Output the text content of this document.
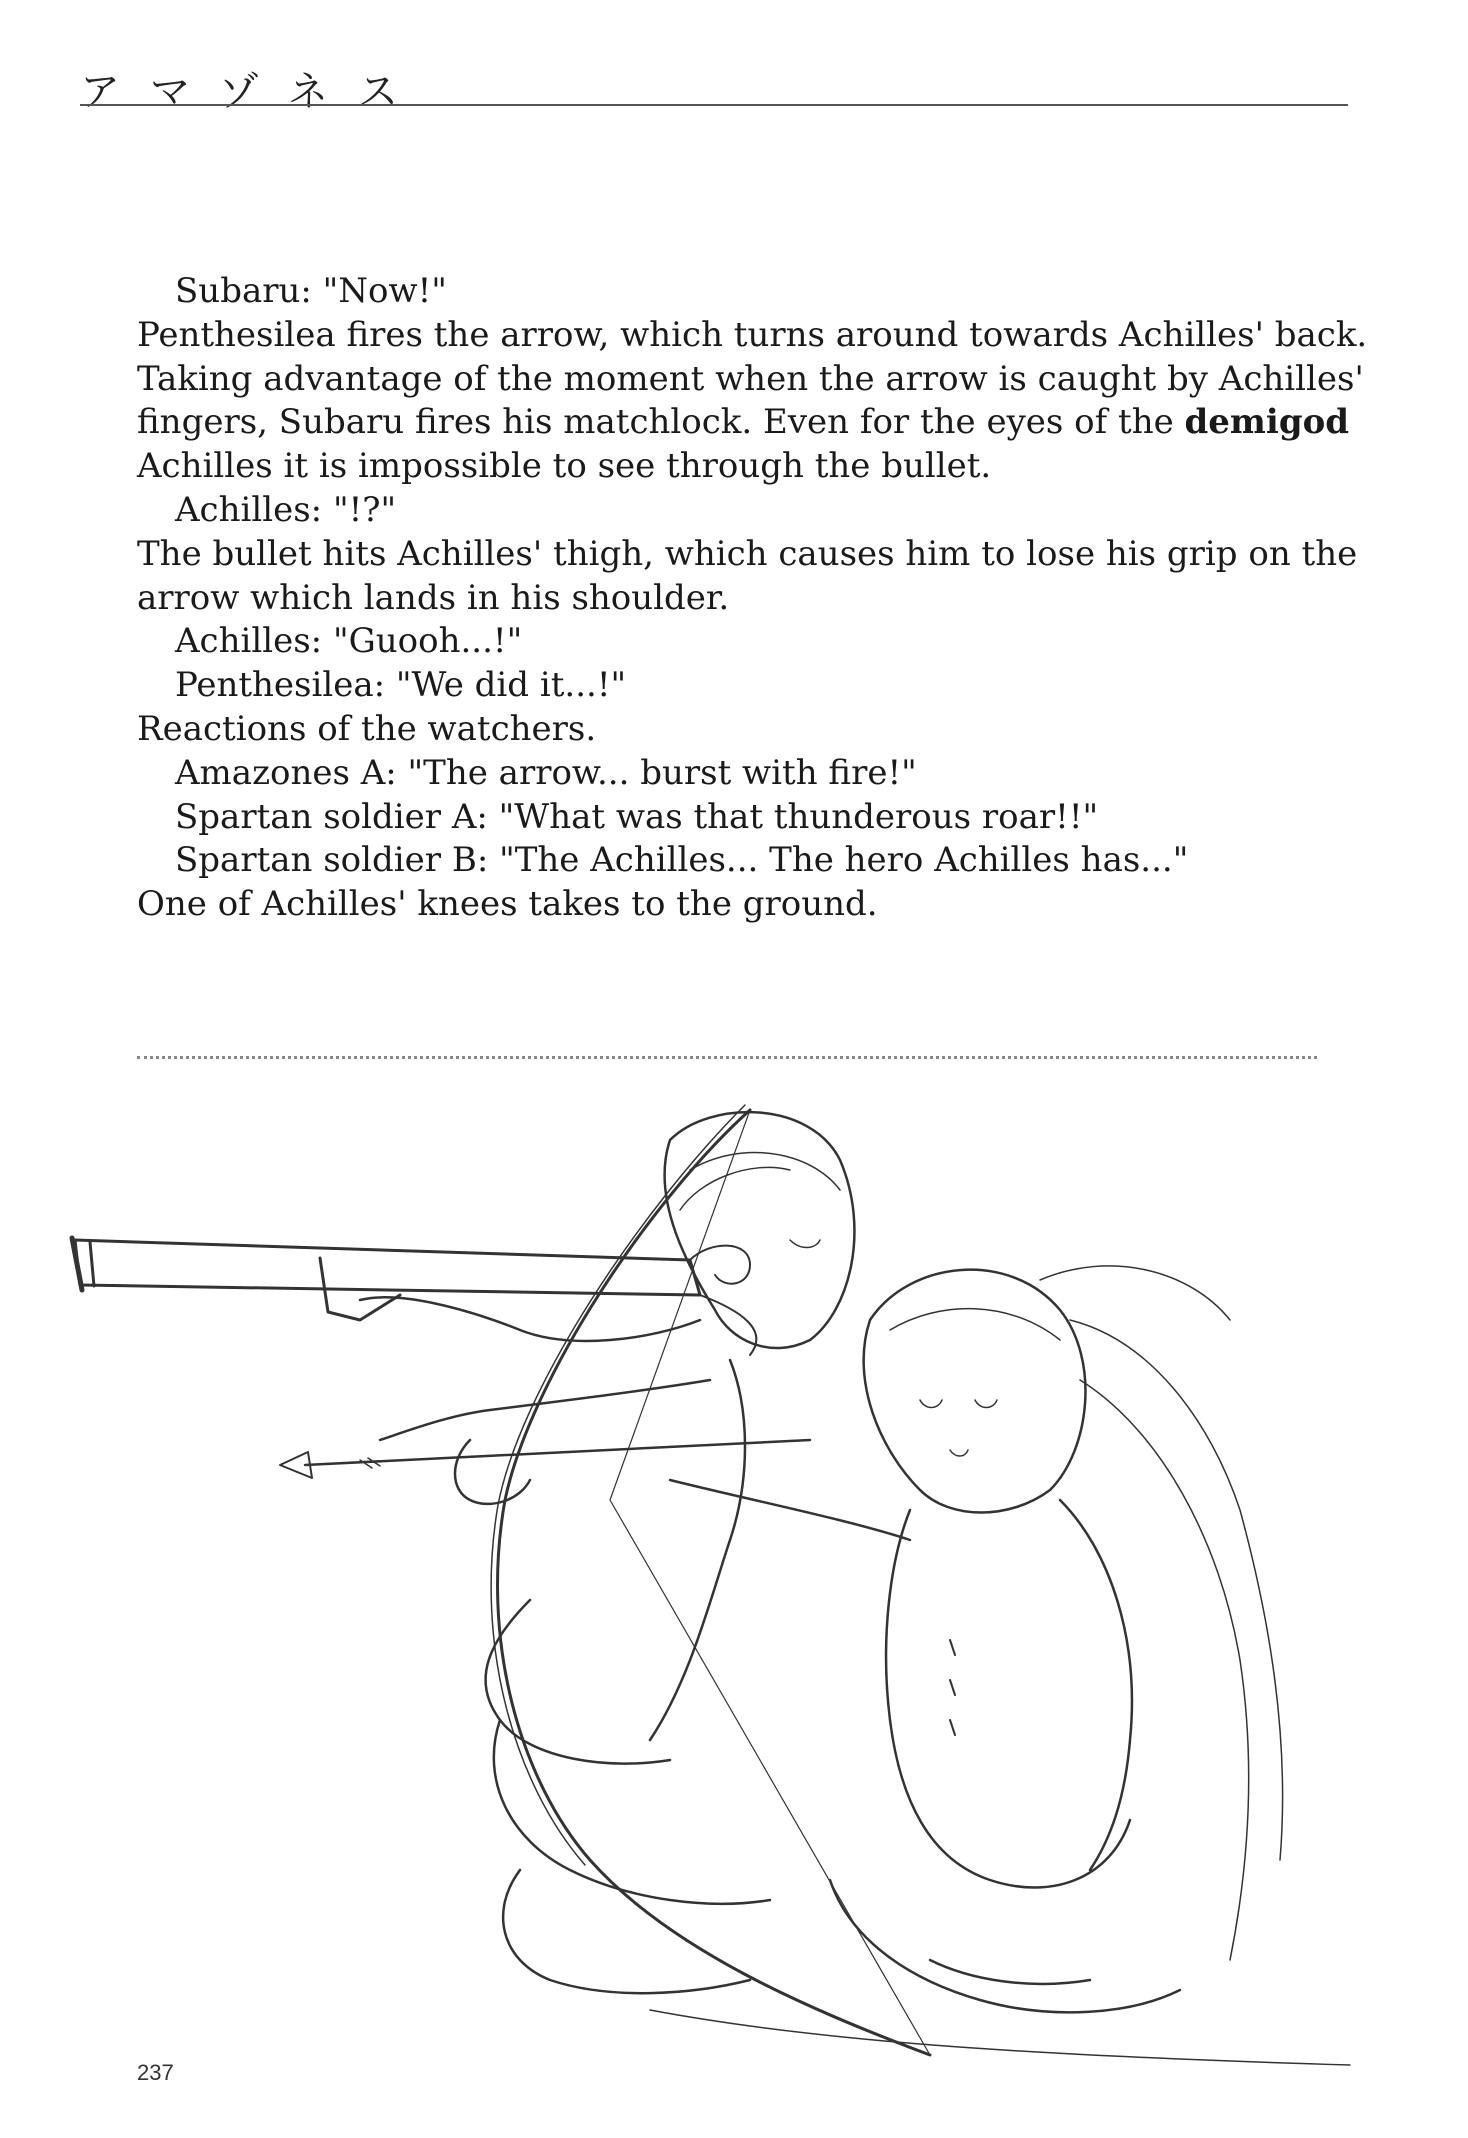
アマゾネス
Subaru: "Now!"
Penthesilea fires the arrow, which turns around towards Achilles' back.
Taking advantage of the moment when the arrow is caught by Achilles'
fingers, Subaru fires his matchlock. Even for the eyes of the demigod
Achilles it is impossible to see through the bullet.
Achilles: "!?"
The bullet hits Achilles' thigh, which causes him to lose his grip on the
arrow which lands in his shoulder.
Achilles: "Guooh...!"
Penthesilea: "We did it...!"
Reactions of the watchers.
Amazones A: "The arrow... burst with fire!"
Spartan soldier A: "What was that thunderous roar!!"
Spartan soldier B: "The Achilles... The hero Achilles has..."
One of Achilles' knees takes to the ground.
237
